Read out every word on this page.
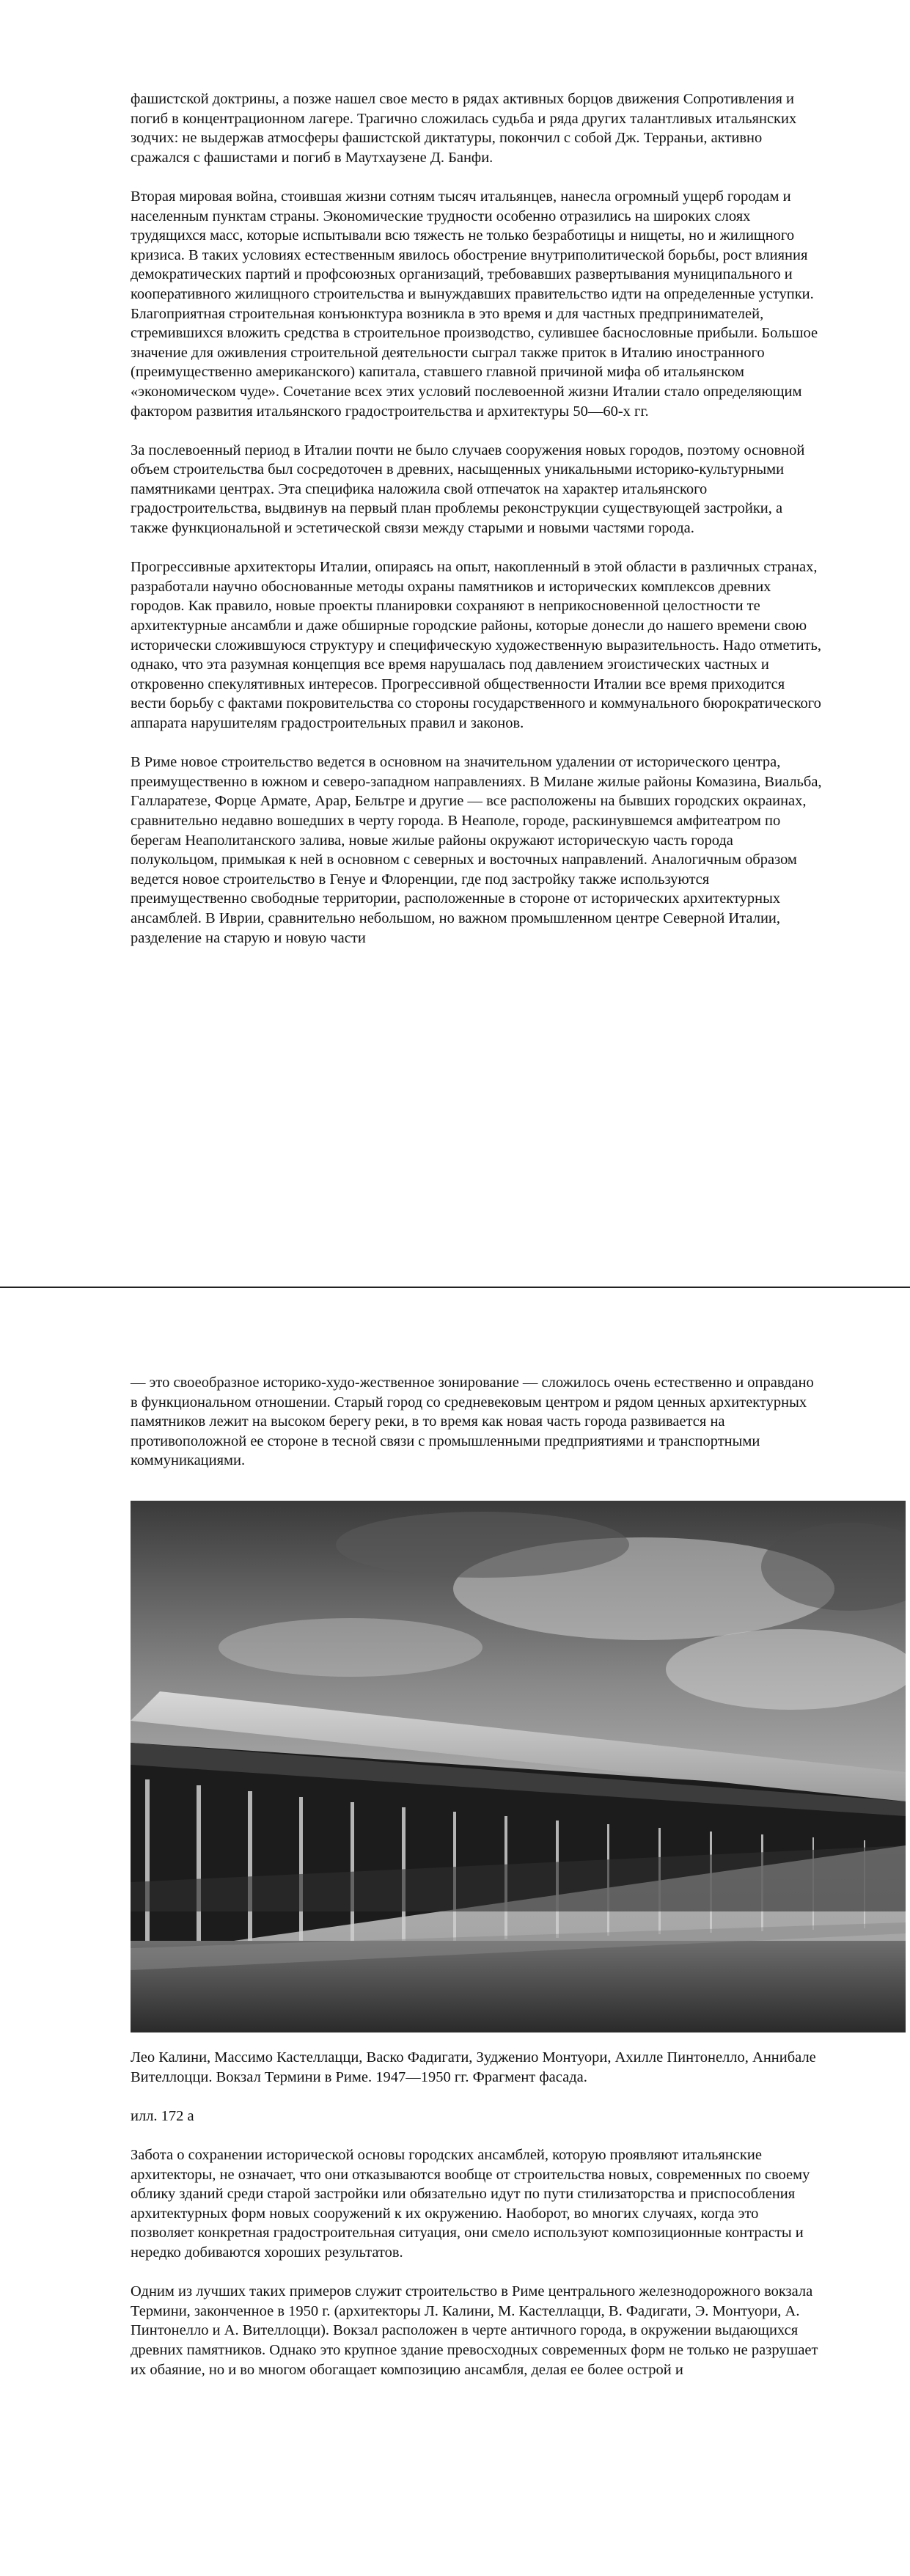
фашистской доктрины, а позже нашел свое место в рядах активных борцов движения Сопротивления и погиб в концентрационном лагере. Трагично сложилась судьба и ряда других талантливых итальянских зодчих: не выдержав атмосферы фашистской диктатуры, покончил с собой Дж. Терраньи, активно сражался с фашистами и погиб в Маутхаузене Д. Банфи.

Вторая мировая война, стоившая жизни сотням тысяч итальянцев, нанесла огромный ущерб городам и населенным пунктам страны. Экономические трудности особенно отразились на широких слоях трудящихся масс, которые испытывали всю тяжесть не только безработицы и нищеты, но и жилищного кризиса. В таких условиях естественным явилось обострение внутриполитической борьбы, рост влияния демократических партий и профсоюзных организаций, требовавших развертывания муниципального и кооперативного жилищного строительства и вынуждавших правительство идти на определенные уступки. Благоприятная строительная конъюнктура возникла в это время и для частных предпринимателей, стремившихся вложить средства в строительное производство, сулившее баснословные прибыли. Большое значение для оживления строительной деятельности сыграл также приток в Италию иностранного (преимущественно американского) капитала, ставшего главной причиной мифа об итальянском «экономическом чуде». Сочетание всех этих условий послевоенной жизни Италии стало определяющим фактором развития итальянского градостроительства и архитектуры 50—60-х гг.

За послевоенный период в Италии почти не было случаев сооружения новых городов, поэтому основной объем строительства был сосредоточен в древних, насыщенных уникальными историко-культурными памятниками центрах. Эта специфика наложила свой отпечаток на характер итальянского градостроительства, выдвинув на первый план проблемы реконструкции существующей застройки, а также функциональной и эстетической связи между старыми и новыми частями города.

Прогрессивные архитекторы Италии, опираясь на опыт, накопленный в этой области в различных странах, разработали научно обоснованные методы охраны памятников и исторических комплексов древних городов. Как правило, новые проекты планировки сохраняют в неприкосновенной целостности те архитектурные ансамбли и даже обширные городские районы, которые донесли до нашего времени свою исторически сложившуюся структуру и специфическую художественную выразительность. Надо отметить, однако, что эта разумная концепция все время нарушалась под давлением эгоистических частных и откровенно спекулятивных интересов. Прогрессивной общественности Италии все время приходится вести борьбу с фактами покровительства со стороны государственного и коммунального бюрократического аппарата нарушителям градостроительных правил и законов.

В Риме новое строительство ведется в основном на значительном удалении от исторического центра, преимущественно в южном и северо-западном направлениях. В Милане жилые районы Комазина, Виальба, Галларатезе, Форце Армате, Арар, Бельтре и другие — все расположены на бывших городских окраинах, сравнительно недавно вошедших в черту города. В Неаполе, городе, раскинувшемся амфитеатром по берегам Неаполитанского залива, новые жилые районы окружают историческую часть города полукольцом, примыкая к ней в основном с северных и восточных направлений. Аналогичным образом ведется новое строительство в Генуе и Флоренции, где под застройку также используются преимущественно свободные территории, расположенные в стороне от исторических архитектурных ансамблей. В Иврии, сравнительно небольшом, но важном промышленном центре Северной Италии, разделение на старую и новую части

— это своеобразное историко-худо-жественное зонирование — сложилось очень естественно и оправдано в функциональном отношении. Старый город со средневековым центром и рядом ценных архитектурных памятников лежит на высоком берегу реки, в то время как новая часть города развивается на противоположной ее стороне в тесной связи с промышленными предприятиями и транспортными коммуникациями.

Лео Калини, Массимо Кастеллацци, Васко Фадигати, Зудженио Монтуори, Ахилле Пинтонелло, Аннибале Вителлоцци. Вокзал Термини в Риме. 1947—1950 гг. Фрагмент фасада.

илл. 172 а

Забота о сохранении исторической основы городских ансамблей, которую проявляют итальянские архитекторы, не означает, что они отказываются вообще от строительства новых, современных по своему облику зданий среди старой застройки или обязательно идут по пути стилизаторства и приспособления архитектурных форм новых сооружений к их окружению. Наоборот, во многих случаях, когда это позволяет конкретная градостроительная ситуация, они смело используют композиционные контрасты и нередко добиваются хороших результатов.

Одним из лучших таких примеров служит строительство в Риме центрального железнодорожного вокзала Термини, законченное в 1950 г. (архитекторы Л. Калини, М. Кастеллацци, В. Фадигати, Э. Монтуори, А. Пинтонелло и А. Вителлоцци). Вокзал расположен в черте античного города, в окружении выдающихся древних памятников. Однако это крупное здание превосходных современных форм не только не разрушает их обаяние, но и во многом обогащает композицию ансамбля, делая ее более острой и
